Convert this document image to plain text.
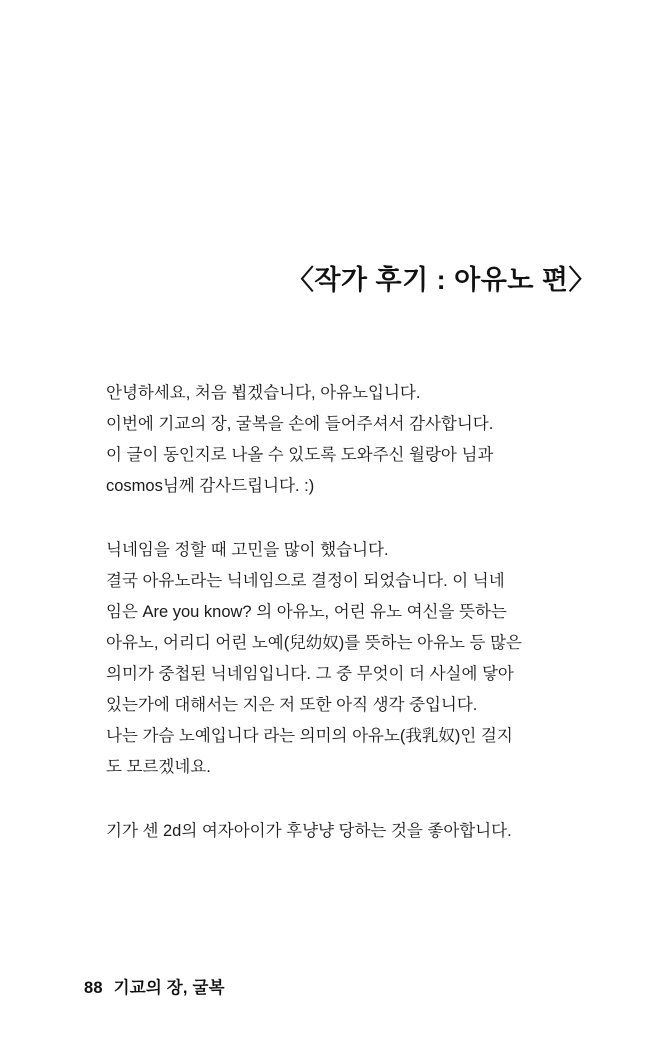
〈작가 후기 : 아유노 편〉
안녕하세요, 처음 뵙겠습니다, 아유노입니다.
이번에 기교의 장, 굴복을 손에 들어주셔서 감사합니다.
이 글이 동인지로 나올 수 있도록 도와주신 월랑아 님과
cosmos님께 감사드립니다. :)
닉네임을 정할 때 고민을 많이 했습니다.
결국 아유노라는 닉네임으로 결정이 되었습니다. 이 닉네
임은 Are you know? 의 아유노, 어린 유노 여신을 뜻하는
아유노, 어리디 어린 노예(兒幼奴)를 뜻하는 아유노 등 많은
의미가 중첩된 닉네임입니다. 그 중 무엇이 더 사실에 닿아
있는가에 대해서는 지은 저 또한 아직 생각 중입니다.
나는 가슴 노예입니다 라는 의미의 아유노(我乳奴)인 걸지
도 모르겠네요.
기가 센 2d의 여자아이가 후냥냥 당하는 것을 좋아합니다.
88 기교의 장, 굴복
